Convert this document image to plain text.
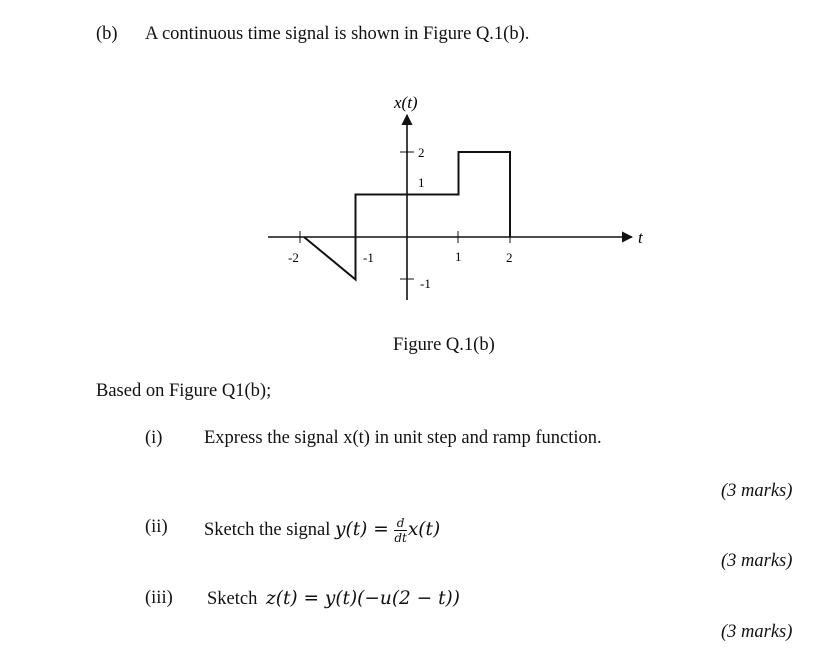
(b) A continuous time signal is shown in Figure Q.1(b).
x(t)
t
2
1
-1
-2	-1	1	2
Figure Q.1(b)
Based on Figure Q1(b);
(i) Express the signal x(t) in unit step and ramp function.
(3 marks)
(ii) Sketch the signal $y(t) = \frac{d}{dt} x(t)$
(3 marks)
(iii) Sketch z(t) = y(t)(−u(2 − t))
(3 marks)
